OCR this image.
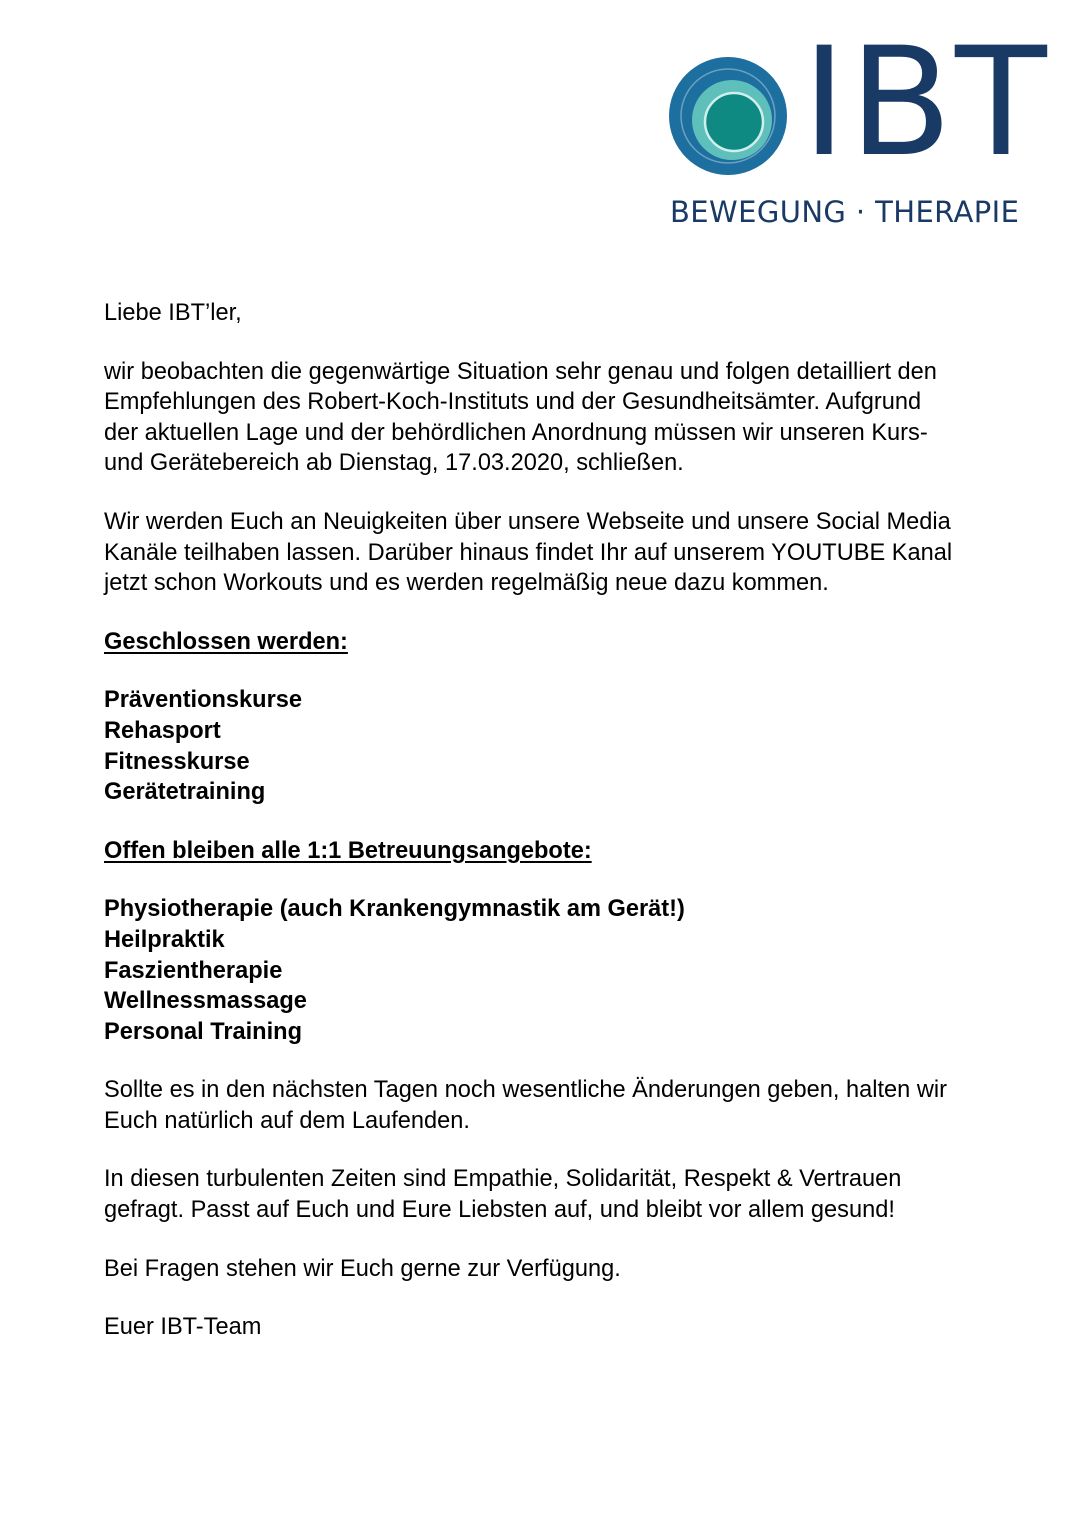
IBT
BEWEGUNG · THERAPIE

Liebe IBT’ler,

wir beobachten die gegenwärtige Situation sehr genau und folgen detailliert den
Empfehlungen des Robert-Koch-Instituts und der Gesundheitsämter. Aufgrund
der aktuellen Lage und der behördlichen Anordnung müssen wir unseren Kurs-
und Gerätebereich ab Dienstag, 17.03.2020, schließen.

Wir werden Euch an Neuigkeiten über unsere Webseite und unsere Social Media
Kanäle teilhaben lassen. Darüber hinaus findet Ihr auf unserem YOUTUBE Kanal
jetzt schon Workouts und es werden regelmäßig neue dazu kommen.

Geschlossen werden:

Präventionskurse
Rehasport
Fitnesskurse
Gerätetraining

Offen bleiben alle 1:1 Betreuungsangebote:

Physiotherapie (auch Krankengymnastik am Gerät!)
Heilpraktik
Faszientherapie
Wellnessmassage
Personal Training

Sollte es in den nächsten Tagen noch wesentliche Änderungen geben, halten wir
Euch natürlich auf dem Laufenden.

In diesen turbulenten Zeiten sind Empathie, Solidarität, Respekt & Vertrauen
gefragt. Passt auf Euch und Eure Liebsten auf, und bleibt vor allem gesund!

Bei Fragen stehen wir Euch gerne zur Verfügung.

Euer IBT-Team
